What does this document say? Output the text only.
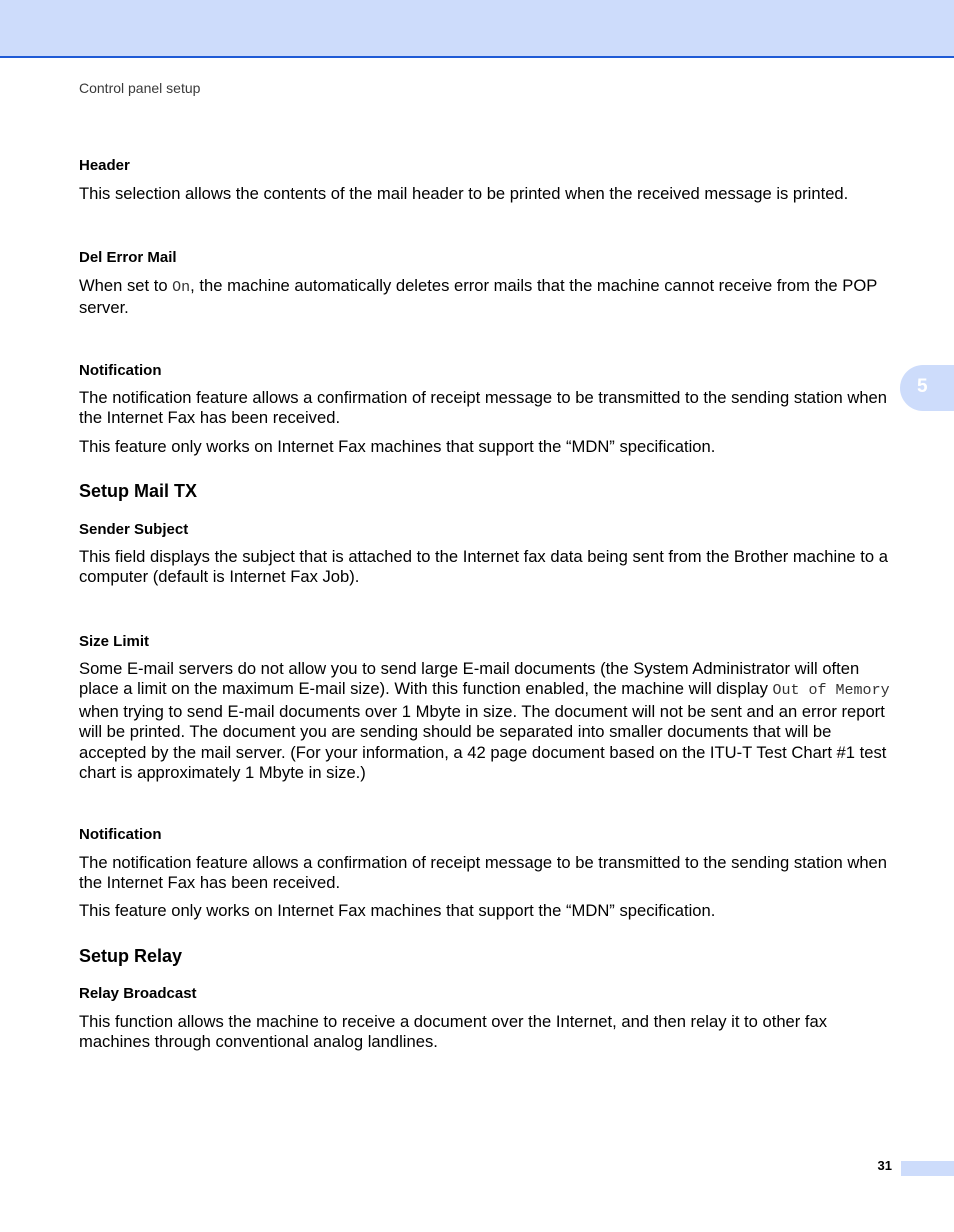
Control panel setup
Header
This selection allows the contents of the mail header to be printed when the received message is printed.
Del Error Mail
When set to On, the machine automatically deletes error mails that the machine cannot receive from the POP server.
Notification
The notification feature allows a confirmation of receipt message to be transmitted to the sending station when the Internet Fax has been received.
This feature only works on Internet Fax machines that support the “MDN” specification.
Setup Mail TX
Sender Subject
This field displays the subject that is attached to the Internet fax data being sent from the Brother machine to a computer (default is Internet Fax Job).
Size Limit
Some E-mail servers do not allow you to send large E-mail documents (the System Administrator will often place a limit on the maximum E-mail size). With this function enabled, the machine will display Out of Memory when trying to send E-mail documents over 1 Mbyte in size. The document will not be sent and an error report will be printed. The document you are sending should be separated into smaller documents that will be accepted by the mail server. (For your information, a 42 page document based on the ITU-T Test Chart #1 test chart is approximately 1 Mbyte in size.)
Notification
The notification feature allows a confirmation of receipt message to be transmitted to the sending station when the Internet Fax has been received.
This feature only works on Internet Fax machines that support the “MDN” specification.
Setup Relay
Relay Broadcast
This function allows the machine to receive a document over the Internet, and then relay it to other fax machines through conventional analog landlines.
5
31
